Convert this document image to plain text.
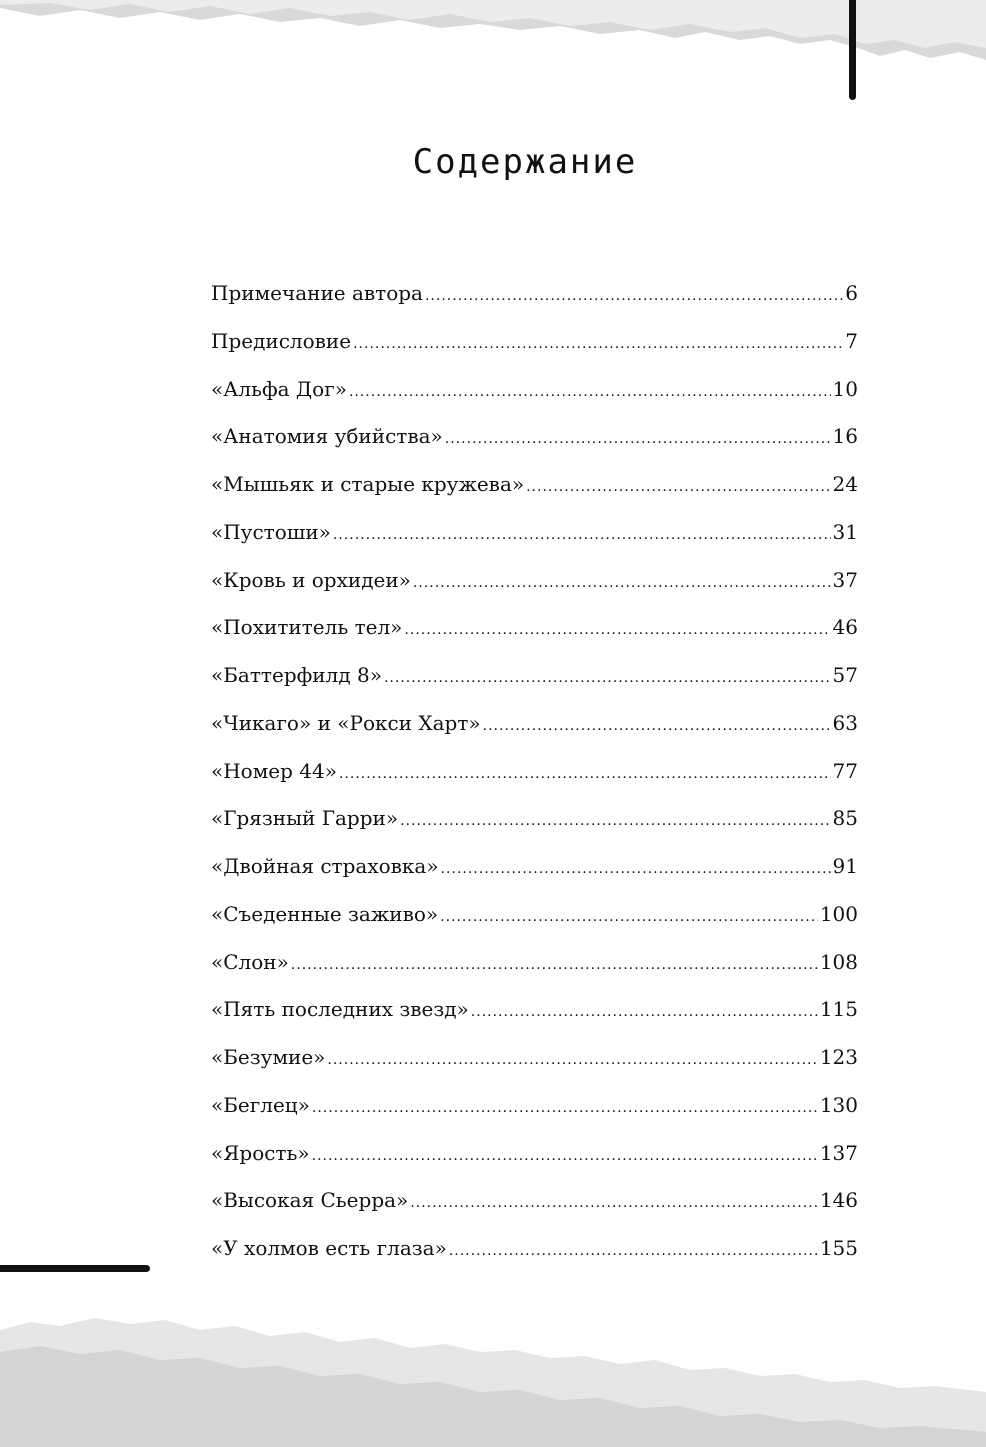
Содержание
Примечание автора .....	6
Предисловие .....	7
«Альфа Дог» .....	10
«Анатомия убийства» .....	16
«Мышьяк и старые кружева» .....	24
«Пустоши» .....	31
«Кровь и орхидеи» .....	37
«Похититель тел» .....	46
«Баттерфилд 8» .....	57
«Чикаго» и «Рокси Харт» .....	63
«Номер 44» .....	77
«Грязный Гарри» .....	85
«Двойная страховка» .....	91
«Съеденные заживо» .....	100
«Слон» .....	108
«Пять последних звезд» .....	115
«Безумие» .....	123
«Беглец» .....	130
«Ярость» .....	137
«Высокая Сьерра» .....	146
«У холмов есть глаза» .....	155
